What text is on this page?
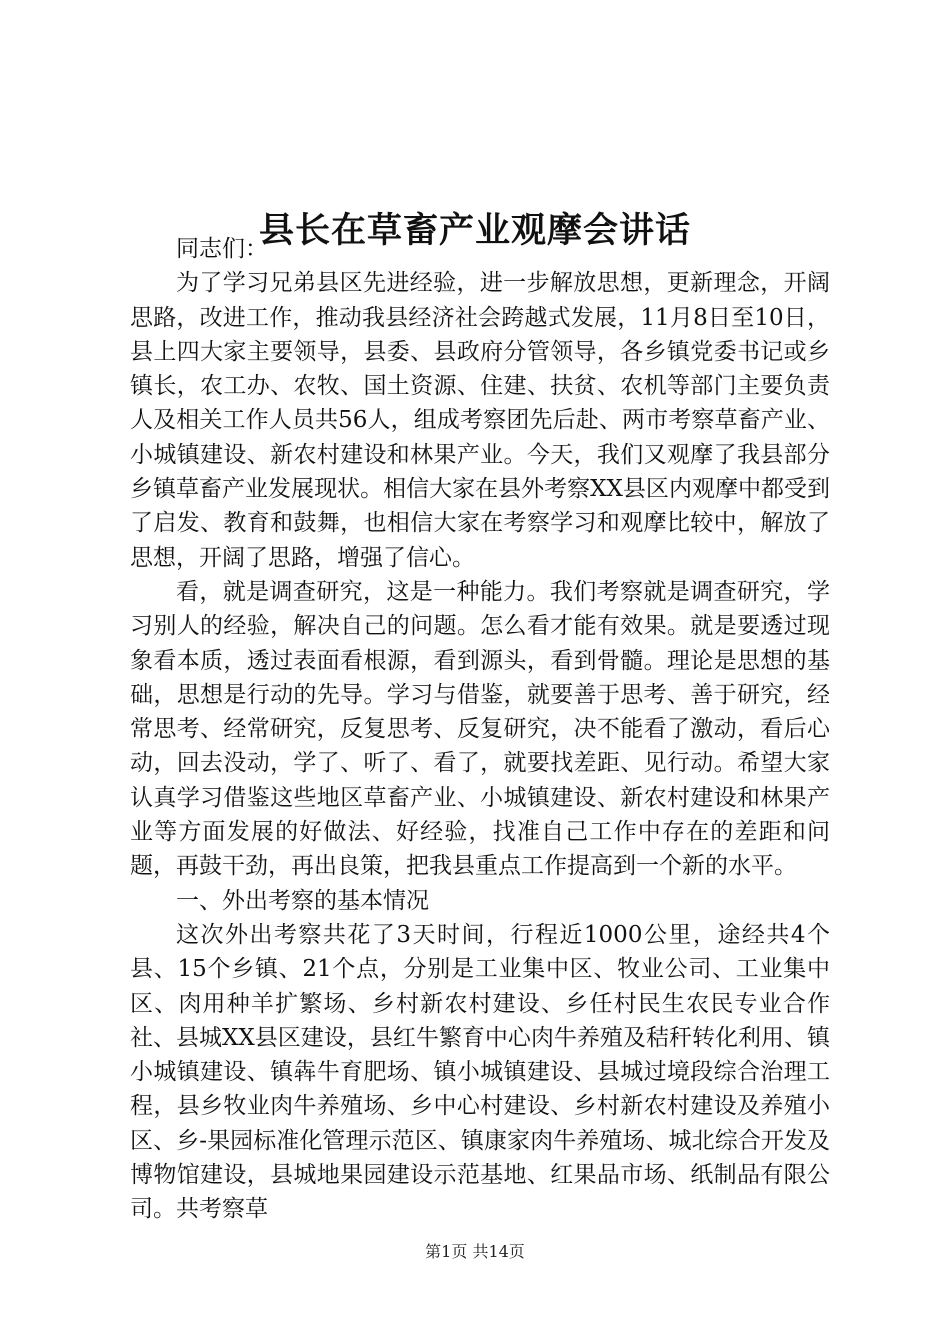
县长在草畜产业观摩会讲话

同志们：

为了学习兄弟县区先进经验，进一步解放思想，更新理念，开阔思路，改进工作，推动我县经济社会跨越式发展，11月8日至10日，县上四大家主要领导，县委、县政府分管领导，各乡镇党委书记或乡镇长，农工办、农牧、国土资源、住建、扶贫、农机等部门主要负责人及相关工作人员共56人，组成考察团先后赴、两市考察草畜产业、小城镇建设、新农村建设和林果产业。今天，我们又观摩了我县部分乡镇草畜产业发展现状。相信大家在县外考察XX县区内观摩中都受到了启发、教育和鼓舞，也相信大家在考察学习和观摩比较中，解放了思想，开阔了思路，增强了信心。

看，就是调查研究，这是一种能力。我们考察就是调查研究，学习别人的经验，解决自己的问题。怎么看才能有效果。就是要透过现象看本质，透过表面看根源，看到源头，看到骨髓。理论是思想的基础，思想是行动的先导。学习与借鉴，就要善于思考、善于研究，经常思考、经常研究，反复思考、反复研究，决不能看了激动，看后心动，回去没动，学了、听了、看了，就要找差距、见行动。希望大家认真学习借鉴这些地区草畜产业、小城镇建设、新农村建设和林果产业等方面发展的好做法、好经验，找准自己工作中存在的差距和问题，再鼓干劲，再出良策，把我县重点工作提高到一个新的水平。

一、外出考察的基本情况

这次外出考察共花了3天时间，行程近1000公里，途经共4个县、15个乡镇、21个点，分别是工业集中区、牧业公司、工业集中区、肉用种羊扩繁场、乡村新农村建设、乡任村民生农民专业合作社、县城XX县区建设，县红牛繁育中心肉牛养殖及秸秆转化利用、镇小城镇建设、镇犇牛育肥场、镇小城镇建设、县城过境段综合治理工程，县乡牧业肉牛养殖场、乡中心村建设、乡村新农村建设及养殖小区、乡-果园标准化管理示范区、镇康家肉牛养殖场、城北综合开发及博物馆建设，县城地果园建设示范基地、红果品市场、纸制品有限公司。共考察草

第1页 共14页
